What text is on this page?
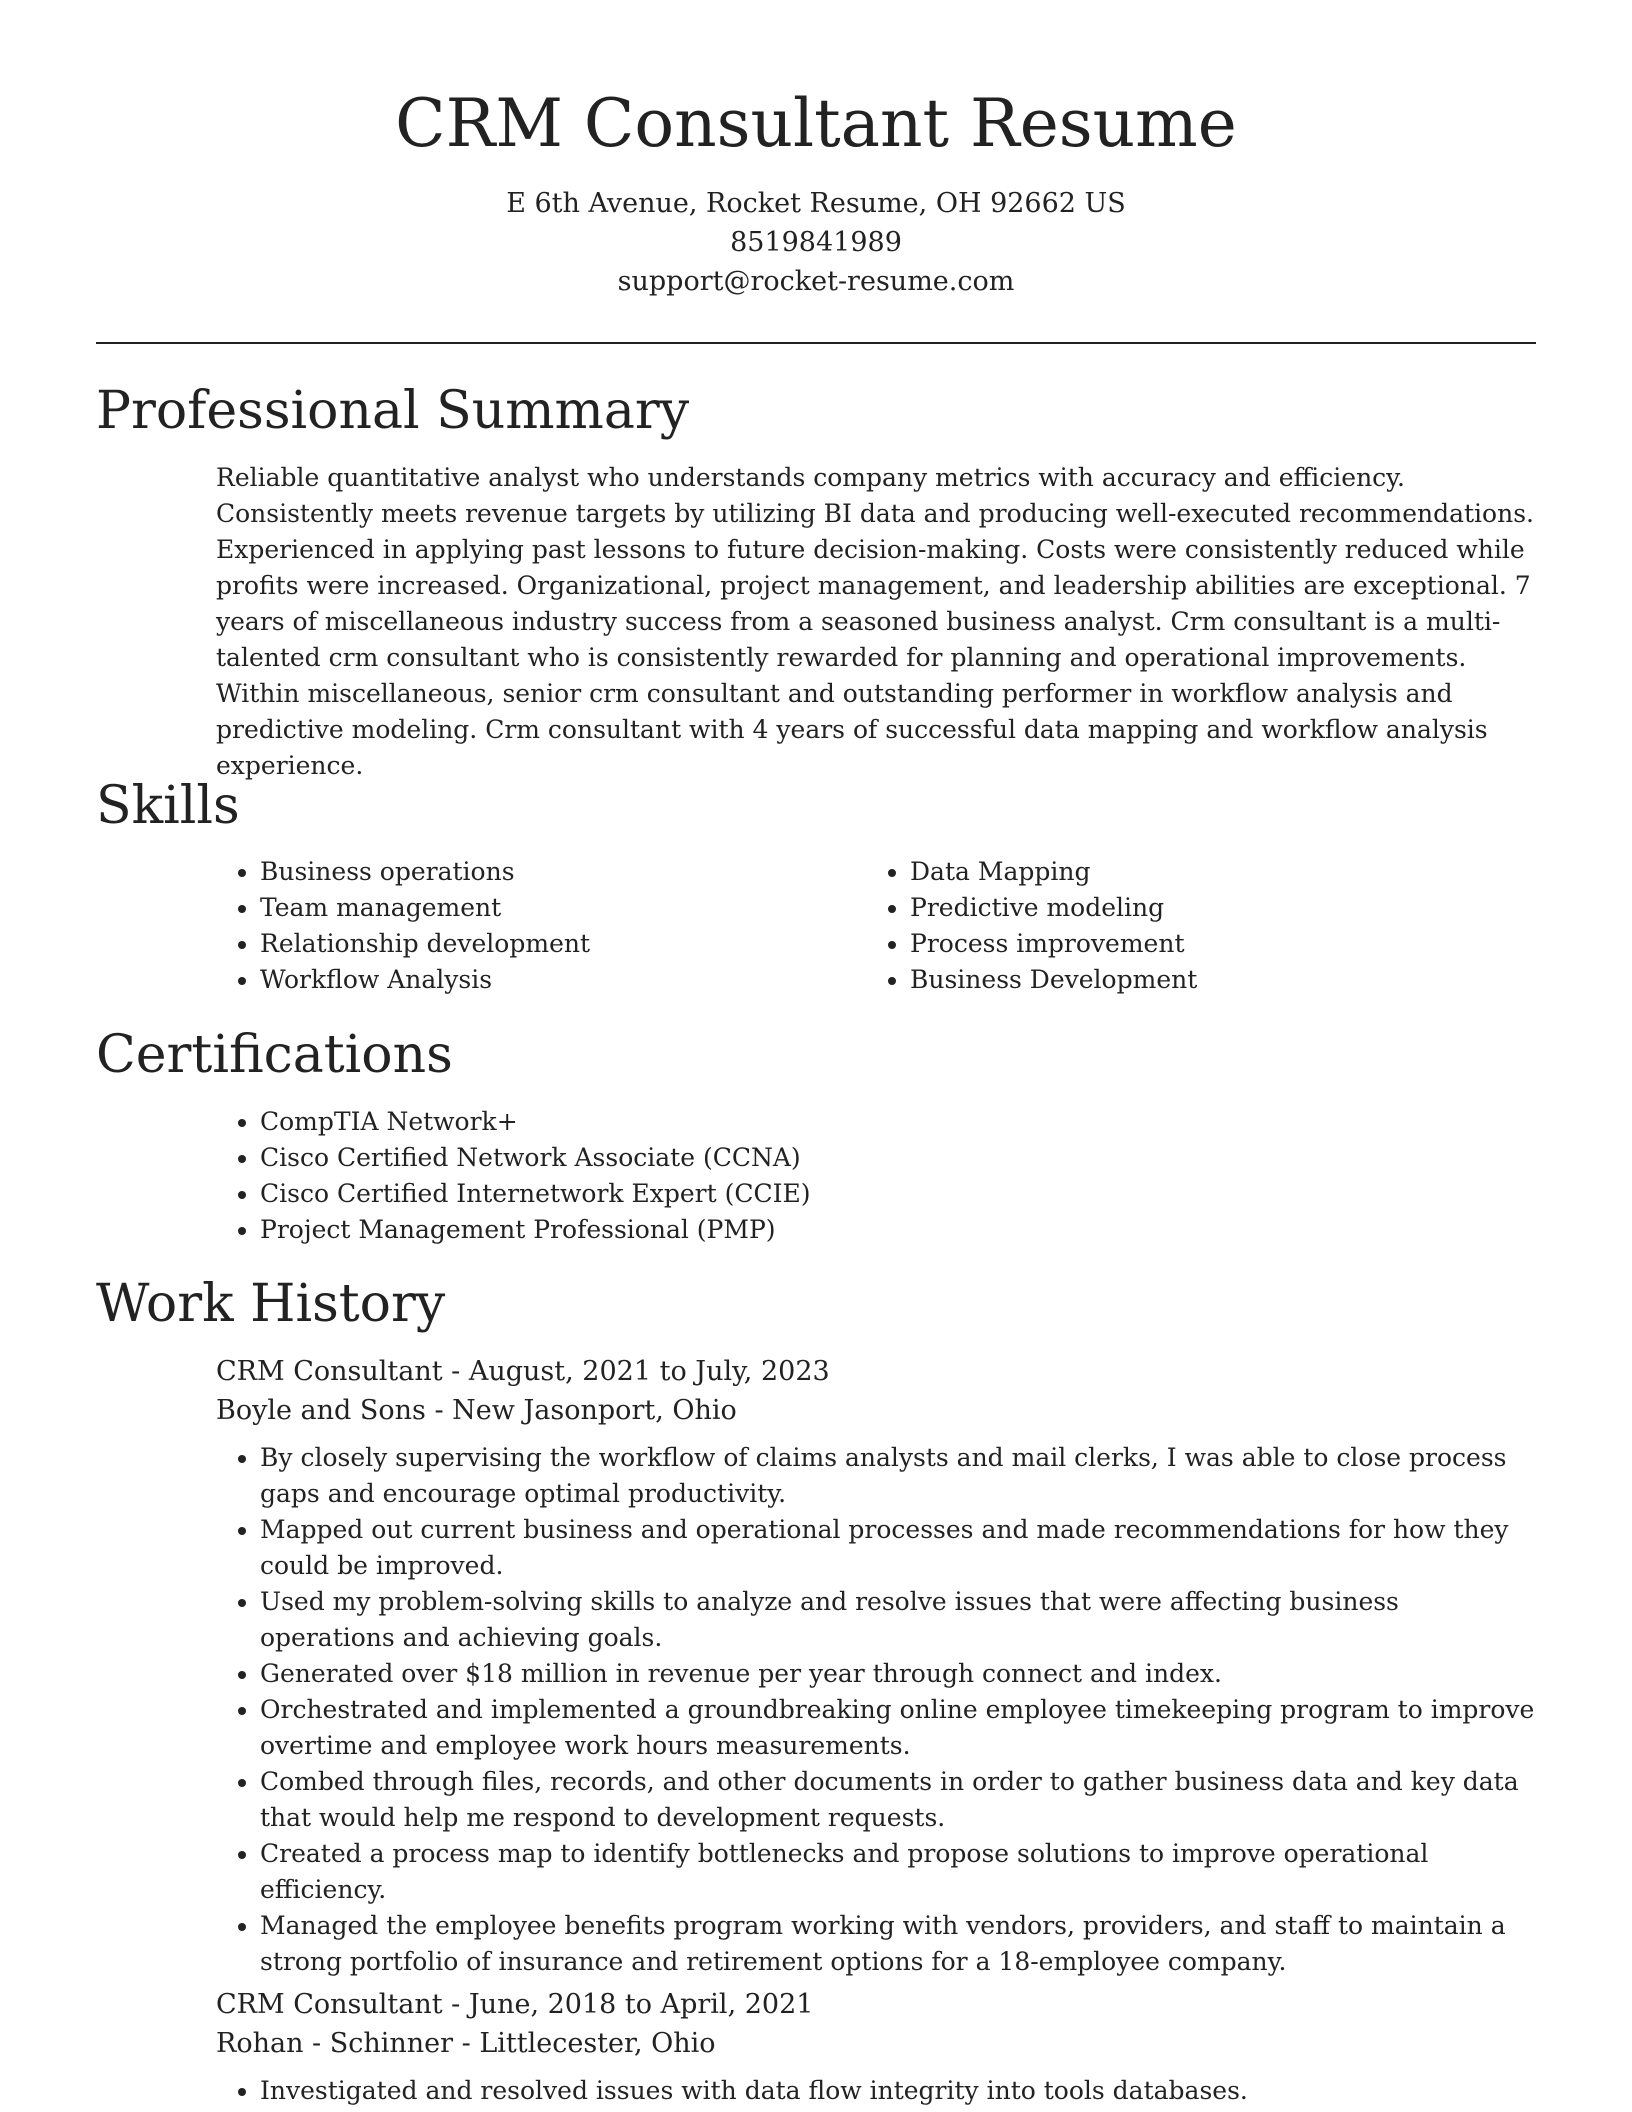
CRM Consultant Resume
E 6th Avenue, Rocket Resume, OH 92662 US
8519841989
support@rocket-resume.com
Professional Summary

Reliable quantitative analyst who understands company metrics with accuracy and efficiency. Consistently meets revenue targets by utilizing BI data and producing well-executed recommendations. Experienced in applying past lessons to future decision-making. Costs were consistently reduced while profits were increased. Organizational, project management, and leadership abilities are exceptional. 7 years of miscellaneous industry success from a seasoned business analyst. Crm consultant is a multi-talented crm consultant who is consistently rewarded for planning and operational improvements. Within miscellaneous, senior crm consultant and outstanding performer in workflow analysis and predictive modeling. Crm consultant with 4 years of successful data mapping and workflow analysis experience.

Skills
• Business operations
• Team management
• Relationship development
• Workflow Analysis
• Data Mapping
• Predictive modeling
• Process improvement
• Business Development
Certifications
• CompTIA Network+
• Cisco Certified Network Associate (CCNA)
• Cisco Certified Internetwork Expert (CCIE)
• Project Management Professional (PMP)
Work History
CRM Consultant - August, 2021 to July, 2023
Boyle and Sons - New Jasonport, Ohio
• By closely supervising the workflow of claims analysts and mail clerks, I was able to close process gaps and encourage optimal productivity.
• Mapped out current business and operational processes and made recommendations for how they could be improved.
• Used my problem-solving skills to analyze and resolve issues that were affecting business operations and achieving goals.
• Generated over $18 million in revenue per year through connect and index.
• Orchestrated and implemented a groundbreaking online employee timekeeping program to improve overtime and employee work hours measurements.
• Combed through files, records, and other documents in order to gather business data and key data that would help me respond to development requests.
• Created a process map to identify bottlenecks and propose solutions to improve operational efficiency.
• Managed the employee benefits program working with vendors, providers, and staff to maintain a strong portfolio of insurance and retirement options for a 18-employee company.
CRM Consultant - June, 2018 to April, 2021
Rohan - Schinner - Littlecester, Ohio
• Investigated and resolved issues with data flow integrity into tools databases.
